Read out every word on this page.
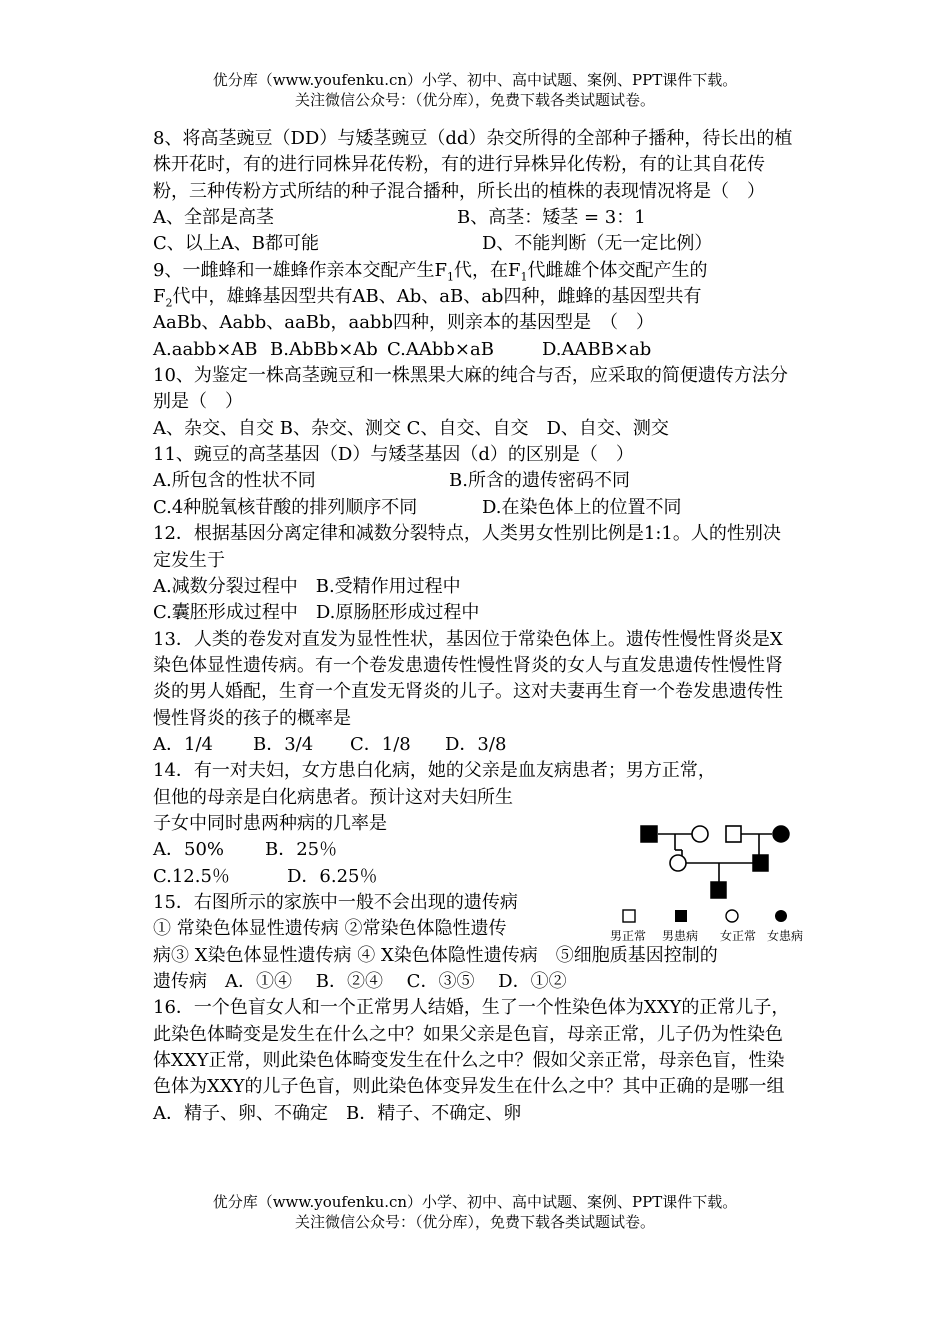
优分库（www.youfenku.cn）小学、初中、高中试题、案例、PPT课件下载。
关注微信公众号：（优分库），免费下载各类试题试卷。
8、将高茎豌豆（DD）与矮茎豌豆（dd）杂交所得的全部种子播种，待长出的植株开花时，有的进行同株异花传粉，有的进行异株异化传粉，有的让其自花传粉，三种传粉方式所结的种子混合播种，所长出的植株的表现情况将是（　）
A、全部是高茎	B、高茎：矮茎 = 3：1
C、以上A、B都可能	D、不能判断（无一定比例）
9、一雌蜂和一雄蜂作亲本交配产生$F_1$代，在$F_1$代雌雄个体交配产生的
$F_2$代中，雄蜂基因型共有AB、Ab、aB、ab四种，雌蜂的基因型共有
AaBb、Aabb、aaBb，aabb四种，则亲本的基因型是　（　）
A.aabb×AB B.AbBb×Ab C.AAbb×aB	D.AABB×ab
10、为鉴定一株高茎豌豆和一株黑果大麻的纯合与否，应采取的简便遗传方法分别是（　）
A、杂交、自交 B、杂交、测交 C、自交、自交　D、自交、测交
11、豌豆的高茎基因（D）与矮茎基因（d）的区别是（　）
A.所包含的性状不同	B.所含的遗传密码不同
C.4种脱氧核苷酸的排列顺序不同	D.在染色体上的位置不同
12．根据基因分离定律和减数分裂特点，人类男女性别比例是1:1。人的性别决定发生于
A.减数分裂过程中　B.受精作用过程中
C.囊胚形成过程中　D.原肠胚形成过程中
13．人类的卷发对直发为显性性状，基因位于常染色体上。遗传性慢性肾炎是X染色体显性遗传病。有一个卷发患遗传性慢性肾炎的女人与直发患遗传性慢性肾炎的男人婚配，生育一个直发无肾炎的儿子。这对夫妻再生育一个卷发患遗传性慢性肾炎的孩子的概率是
A．1/4 B．3/4 C．1/8 D．3/8
14．有一对夫妇，女方患白化病，她的父亲是血友病患者；男方正常，
但他的母亲是白化病患者。预计这对夫妇所生
子女中同时患两种病的几率是
A．50% B．25％
C.12.5％	D．6.25％
15．右图所示的家族中一般不会出现的遗传病
① 常染色体显性遗传病 ②常染色体隐性遗传
病③ X染色体显性遗传病 ④ X染色体隐性遗传病　⑤细胞质基因控制的
遗传病　A．①④　 B．②④　 C．③⑤　 D．①②
16．一个色盲女人和一个正常男人结婚，生了一个性染色体为XXY的正常儿子，此染色体畸变是发生在什么之中？如果父亲是色盲，母亲正常，儿子仍为性染色体XXY正常，则此染色体畸变发生在什么之中？假如父亲正常，母亲色盲，性染色体为XXY的儿子色盲，则此染色体变异发生在什么之中？其中正确的是哪一组
A．精子、卵、不确定　B．精子、不确定、卵
男正常 男患病 女正常 女患病
优分库（www.youfenku.cn）小学、初中、高中试题、案例、PPT课件下载。
关注微信公众号：（优分库），免费下载各类试题试卷。
